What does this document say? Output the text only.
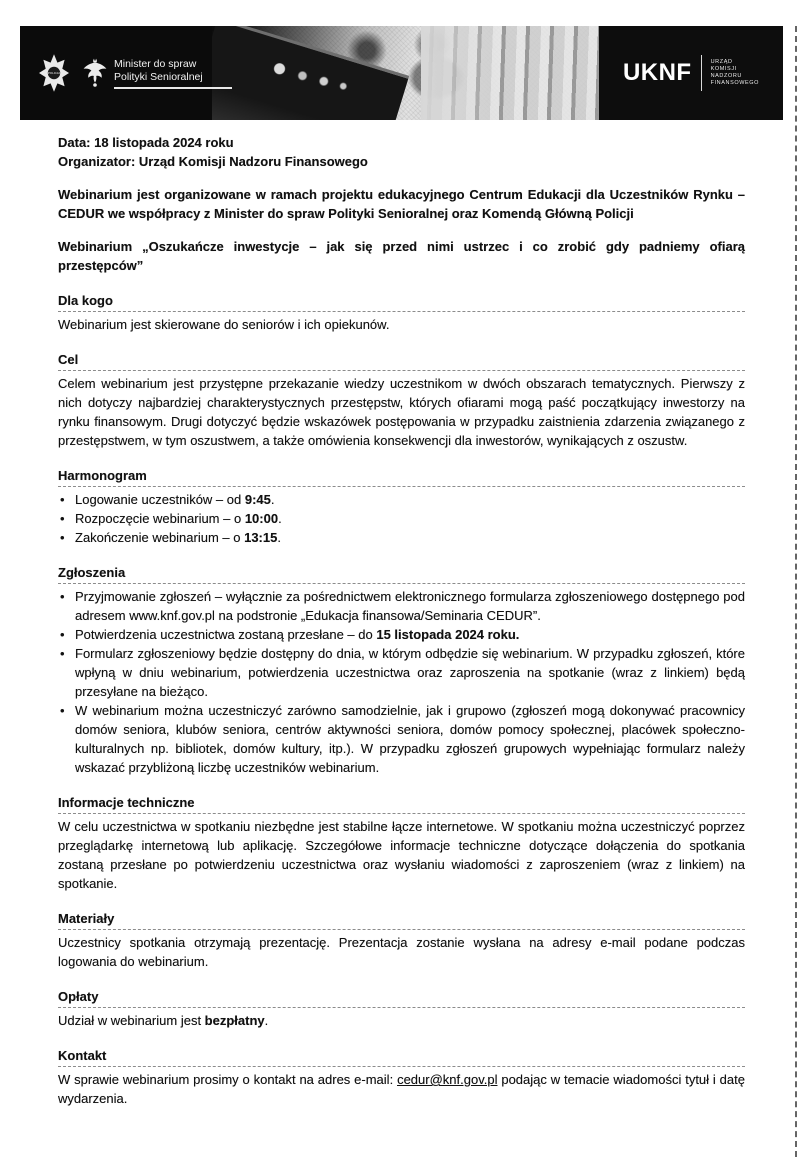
POLICJA
Minister do spraw
Polityki Senioralnej	UKNF	URZĄD
KOMISJI
NADZORU
FINANSOWEGO
Data: 18 listopada 2024 roku
Organizator: Urząd Komisji Nadzoru Finansowego

Webinarium jest organizowane w ramach projektu edukacyjnego Centrum Edukacji dla Uczestników Rynku – CEDUR we współpracy z Minister do spraw Polityki Senioralnej oraz Komendą Główną Policji

Webinarium „Oszukańcze inwestycje – jak się przed nimi ustrzec i co zrobić gdy padniemy ofiarą przestępców”

Dla kogo
Webinarium jest skierowane do seniorów i ich opiekunów.
Cel
Celem webinarium jest przystępne przekazanie wiedzy uczestnikom w dwóch obszarach tematycznych. Pierwszy z nich dotyczy najbardziej charakterystycznych przestępstw, których ofiarami mogą paść początkujący inwestorzy na rynku finansowym. Drugi dotyczyć będzie wskazówek postępowania w przypadku zaistnienia zdarzenia związanego z przestępstwem, w tym oszustwem, a także omówienia konsekwencji dla inwestorów, wynikających z oszustw.
Harmonogram
• Logowanie uczestników – od 9:45.
• Rozpoczęcie webinarium – o 10:00.
• Zakończenie webinarium – o 13:15.
Zgłoszenia
• Przyjmowanie zgłoszeń – wyłącznie za pośrednictwem elektronicznego formularza zgłoszeniowego dostępnego pod adresem www.knf.gov.pl na podstronie „Edukacja finansowa/Seminaria CEDUR”.
• Potwierdzenia uczestnictwa zostaną przesłane – do 15 listopada 2024 roku.
• Formularz zgłoszeniowy będzie dostępny do dnia, w którym odbędzie się webinarium. W przypadku zgłoszeń, które wpłyną w dniu webinarium, potwierdzenia uczestnictwa oraz zaproszenia na spotkanie (wraz z linkiem) będą przesyłane na bieżąco.
• W webinarium można uczestniczyć zarówno samodzielnie, jak i grupowo (zgłoszeń mogą dokonywać pracownicy domów seniora, klubów seniora, centrów aktywności seniora, domów pomocy społecznej, placówek społeczno-kulturalnych np. bibliotek, domów kultury, itp.). W przypadku zgłoszeń grupowych wypełniając formularz należy wskazać przybliżoną liczbę uczestników webinarium.
Informacje techniczne
W celu uczestnictwa w spotkaniu niezbędne jest stabilne łącze internetowe. W spotkaniu można uczestniczyć poprzez przeglądarkę internetową lub aplikację. Szczegółowe informacje techniczne dotyczące dołączenia do spotkania zostaną przesłane po potwierdzeniu uczestnictwa oraz wysłaniu wiadomości z zaproszeniem (wraz z linkiem) na spotkanie.
Materiały
Uczestnicy spotkania otrzymają prezentację. Prezentacja zostanie wysłana na adresy e-mail podane podczas logowania do webinarium.
Opłaty
Udział w webinarium jest bezpłatny.
Kontakt
W sprawie webinarium prosimy o kontakt na adres e-mail: cedur@knf.gov.pl podając w temacie wiadomości tytuł i datę wydarzenia.
